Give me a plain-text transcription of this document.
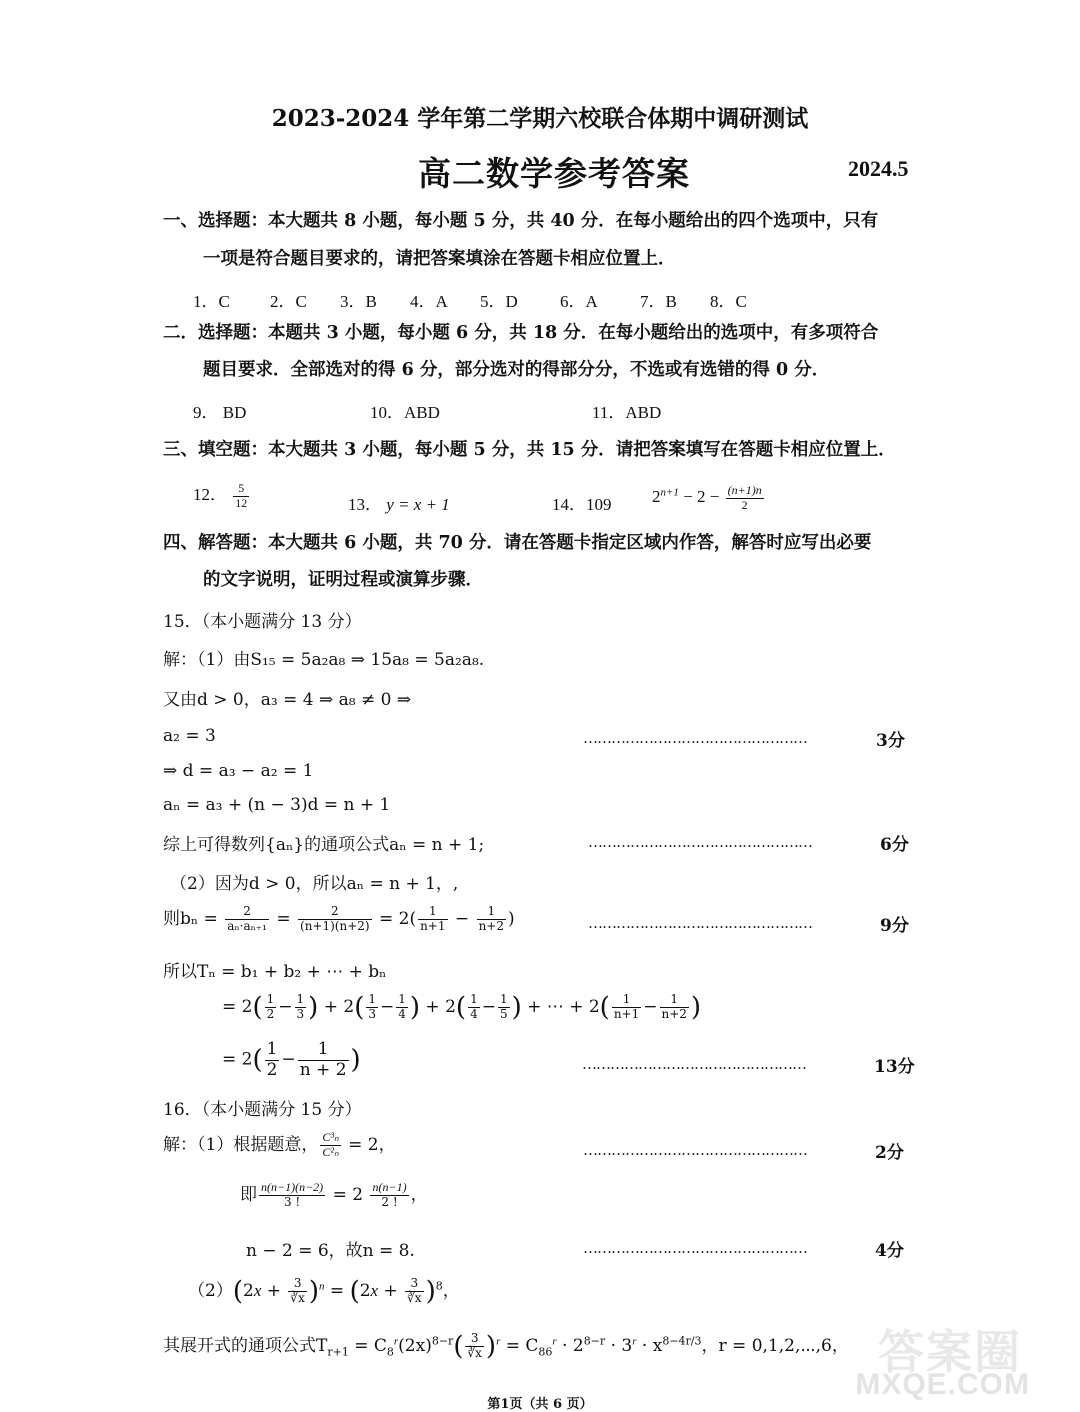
2023-2024 学年第二学期六校联合体期中调研测试
高二数学参考答案	2024.5
一、选择题：本大题共 8 小题，每小题 5 分，共 40 分．在每小题给出的四个选项中，只有
一项是符合题目要求的，请把答案填涂在答题卡相应位置上．
1．C 2．C 3．B 4．A 5．D 6．A 7．B 8．C
二．选择题：本题共 3 小题，每小题 6 分，共 18 分．在每小题给出的选项中，有多项符合
题目要求．全部选对的得 6 分，部分选对的得部分分，不选或有选错的得 0 分．
9． BD	10．ABD	11．ABD
三、填空题：本大题共 3 小题，每小题 5 分，共 15 分．请把答案填写在答题卡相应位置上．
12． $\frac{5}{12}$	13． y = x + 1	14．109 $2^{n+1} - 2 - \frac{(n+1)n}{2}$
四、解答题：本大题共 6 小题，共 70 分．请在答题卡指定区域内作答，解答时应写出必要
的文字说明，证明过程或演算步骤．
15．（本小题满分 13 分）
解：（1）由S₁₅ = 5a₂a₈ ⇒ 15a₈ = 5a₂a₈.
又由d > 0，a₃ = 4 ⇒ a₈ ≠ 0 ⇒
a₂ = 3	…………………………………………	3分
⇒ d = a₃ − a₂ = 1
aₙ = a₃ + (n − 3)d = n + 1
综上可得数列{aₙ}的通项公式aₙ = n + 1;	…………………………………………	6分
（2）因为d > 0，所以aₙ = n + 1，,
则$b_n = \frac{2}{\text{aₙ·aₙ₊₁}} = \frac{2}{(n+1)(n+2)} = 2( \frac{1}{n+1} - \frac{1}{n+2}$ )	…………………………………………	9分
所以Tₙ = b₁ + b₂ + ⋯ + bₙ
= $2( \frac{1}{2} - \frac{1}{3}$ ) + $2( \frac{1}{3} - \frac{1}{4}$ ) + $2( \frac{1}{4} - \frac{1}{5}$ ) + ⋯ + $2( \frac{1}{n+1} - \frac{1}{n+2}$ )
= $2( \frac{1}{2} - \frac{1}{n + 2}$ )	…………………………………………	13分
16．（本小题满分 15 分）
解：（1）根据题意， $\frac{\text{C³ₙ}}{\text{C²ₙ}} = 2$，	…………………………………………	2分
即 $\frac{n(n-1)(n-2)}{3 !} = 2 \frac{n(n-1)}{2 !}$ ，
n − 2 = 6，故n = 8.	…………………………………………	4分
$(2)(2x + \frac{3}{∛x} )^n = (2x + \frac{3}{∛x} )^8$，
其展开式的通项公式$T_{r+1} = C_8^r(2x)^{8-r}( \frac{3}{∛x} )^r = C_{86}^r \cdot 2^{8-r} \cdot 3^r \cdot x^{8-4r/3}$，r = 0,1,2,⋯,6， 答案圈
MXQE.COM
第1页（共 6 页）
